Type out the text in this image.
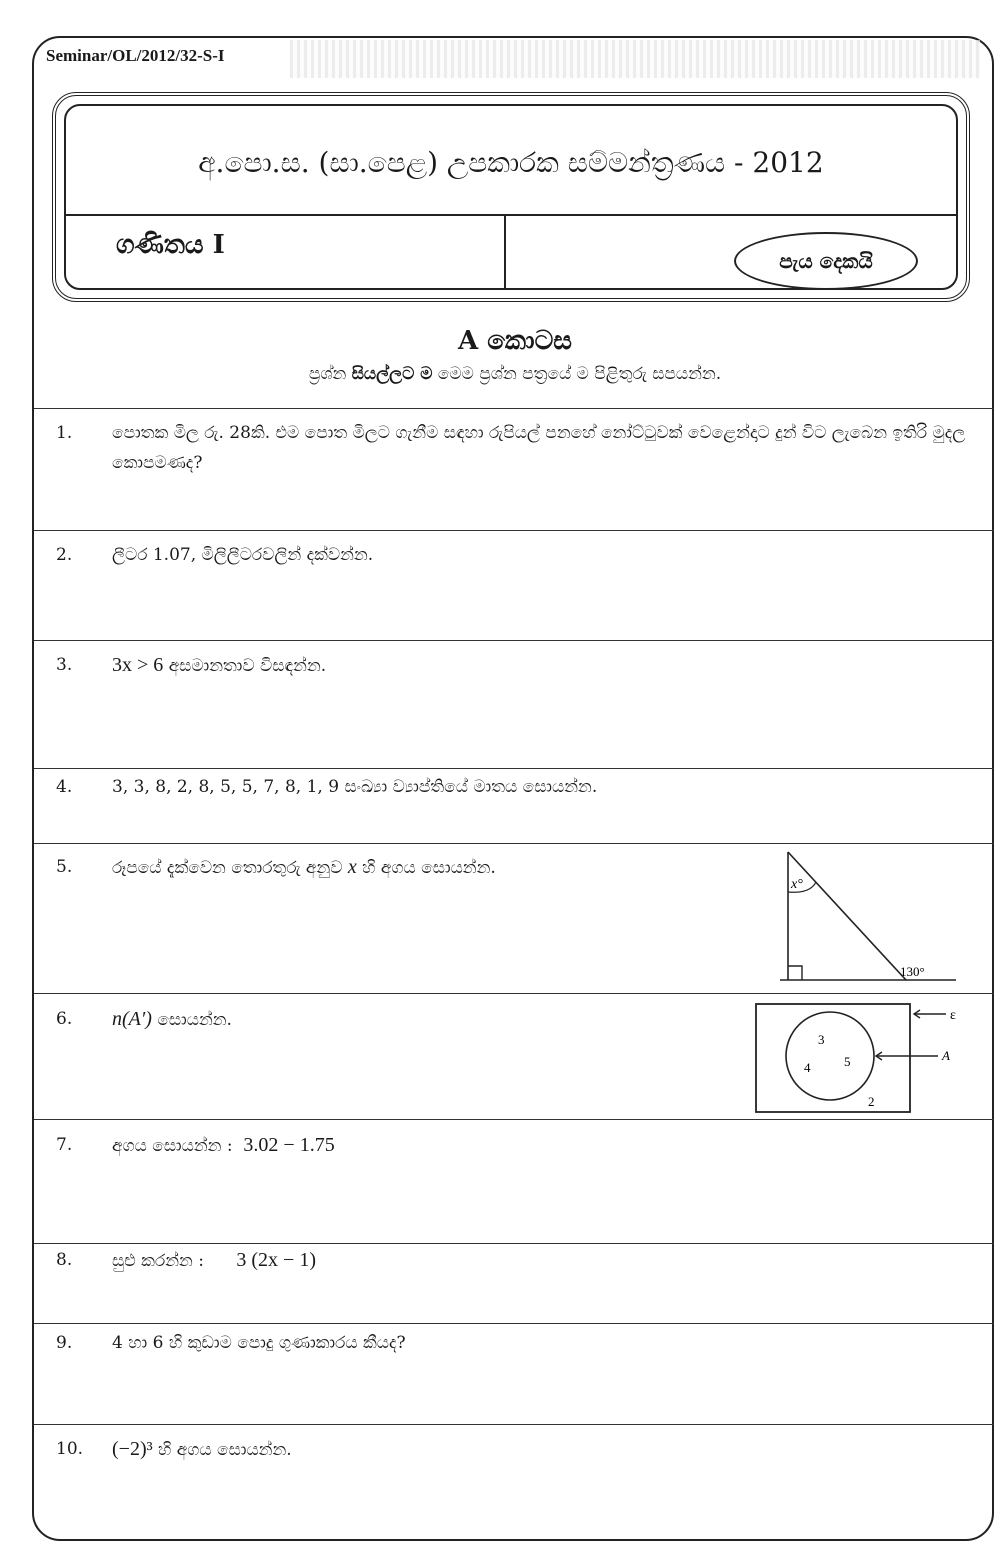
Seminar/OL/2012/32-S-I
අ.පො.ස. (සා.පෙළ) උපකාරක සම්මන්ත්‍රණය - 2012
ගණිතය I
පැය දෙකයි
A කොටස
ප්‍රශ්න සියල්ලට ම මෙම ප්‍රශ්න පත්‍රයේ ම පිළිතුරු සපයන්න.
1.	පොතක මිල රු. 28කි. එම පොත මිලට ගැනීම සඳහා රුපියල් පනහේ නෝට්ටුවක් වෙළෙන්දාට දුන් විට ලැබෙන ඉතිරි මුදල කොපමණද?
2.	ලීටර 1.07, මිලිලීටරවලින් දක්වන්න.
3.	3x > 6 අසමානතාව විසඳන්න.
4.	3, 3, 8, 2, 8, 5, 5, 7, 8, 1, 9 සංඛ්‍යා ව්‍යාප්තියේ මාතය සොයන්න.
5.	රූපයේ දැක්වෙන තොරතුරු අනුව x හි අගය සොයන්න.
x°
130°
6.	n(A′) සොයන්න.
3
4	5
2
ε
A
7.	අගය සොයන්න : 3.02 − 1.75
8.	සුළු කරන්න : 3 (2x − 1)
9.	4 හා 6 හි කුඩාම පොදු ගුණාකාරය කීයද?
10.	(−2)³ හි අගය සොයන්න.
